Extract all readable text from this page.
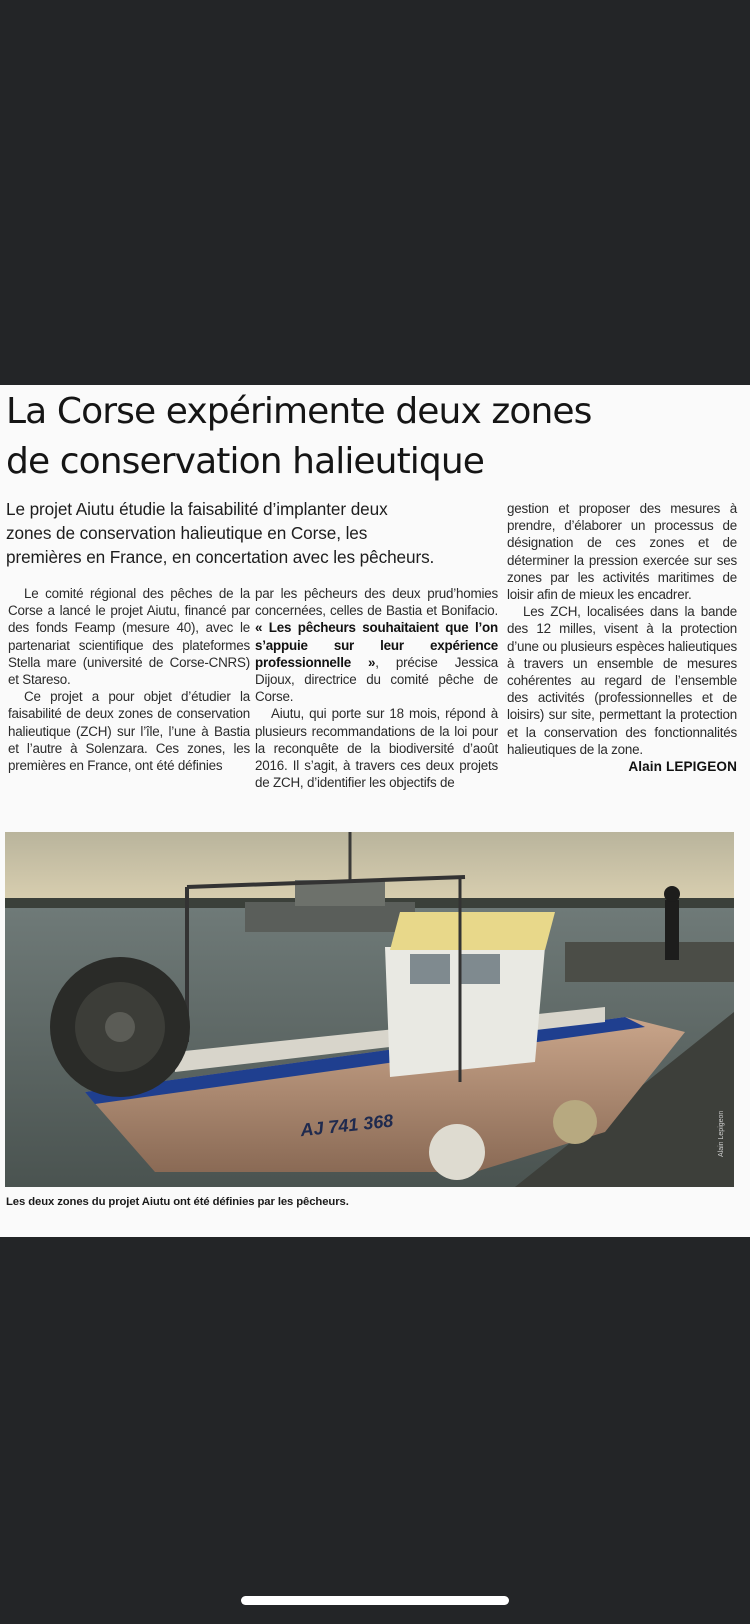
La Corse expérimente deux zones
de conservation halieutique
Le projet Aiutu étudie la faisabilité d’implanter deux
zones de conservation halieutique en Corse, les
premières en France, en concertation avec les pêcheurs.

Le comité régional des pêches de la Corse a lancé le projet Aiutu, financé par des fonds Feamp (mesure 40), avec le partenariat scientifique des plateformes Stella mare (université de Corse-CNRS) et Stareso.

Ce projet a pour objet d’étudier la faisabilité de deux zones de conservation halieutique (ZCH) sur l’île, l’une à Bastia et l’autre à Solenzara. Ces zones, les premières en France, ont été définies

par les pêcheurs des deux prud’homies concernées, celles de Bastia et Bonifacio. « Les pêcheurs souhaitaient que l’on s’appuie sur leur expérience professionnelle », précise Jessica Dijoux, directrice du comité pêche de Corse.

Aiutu, qui porte sur 18 mois, répond à plusieurs recommandations de la loi pour la reconquête de la biodiversité d’août 2016. Il s’agit, à travers ces deux projets de ZCH, d’identifier les objectifs de

gestion et proposer des mesures à prendre, d’élaborer un processus de désignation de ces zones et de déterminer la pression exercée sur ses zones par les activités maritimes de loisir afin de mieux les encadrer.

Les ZCH, localisées dans la bande des 12 milles, visent à la protection d’une ou plusieurs espèces halieutiques à travers un ensemble de mesures cohérentes au regard de l’ensemble des activités (professionnelles et de loisirs) sur site, permettant la protection et la conservation des fonctionnalités halieutiques de la zone.

Alain LEPIGEON
AJ 741 368	Alain Lepigeon
Les deux zones du projet Aiutu ont été définies par les pêcheurs.
